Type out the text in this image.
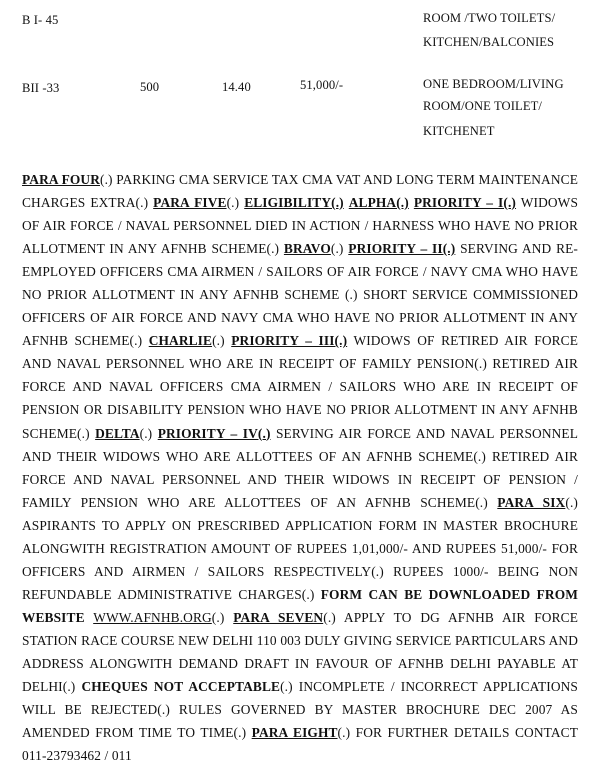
B I- 45	ROOM /TWO TOILETS/
KITCHEN/BALCONIES
BII -33	500	14.40	51,000/-	ONE BEDROOM/LIVING
ROOM/ONE TOILET/
KITCHENET
PARA FOUR(.) PARKING CMA SERVICE TAX CMA VAT AND LONG TERM MAINTENANCE CHARGES EXTRA(.) PARA FIVE(.) ELIGIBILITY(.) ALPHA(.) PRIORITY – I(.) WIDOWS OF AIR FORCE / NAVAL PERSONNEL DIED IN ACTION / HARNESS WHO HAVE NO PRIOR ALLOTMENT IN ANY AFNHB SCHEME(.) BRAVO(.) PRIORITY – II(.) SERVING AND RE-EMPLOYED OFFICERS CMA AIRMEN / SAILORS OF AIR FORCE / NAVY CMA WHO HAVE NO PRIOR ALLOTMENT IN ANY AFNHB SCHEME (.) SHORT SERVICE COMMISSIONED OFFICERS OF AIR FORCE AND NAVY CMA WHO HAVE NO PRIOR ALLOTMENT IN ANY AFNHB SCHEME(.) CHARLIE(.) PRIORITY – III(.) WIDOWS OF RETIRED AIR FORCE AND NAVAL PERSONNEL WHO ARE IN RECEIPT OF FAMILY PENSION(.) RETIRED AIR FORCE AND NAVAL OFFICERS CMA AIRMEN / SAILORS WHO ARE IN RECEIPT OF PENSION OR DISABILITY PENSION WHO HAVE NO PRIOR ALLOTMENT IN ANY AFNHB SCHEME(.) DELTA(.) PRIORITY – IV(.) SERVING AIR FORCE AND NAVAL PERSONNEL AND THEIR WIDOWS WHO ARE ALLOTTEES OF AN AFNHB SCHEME(.) RETIRED AIR FORCE AND NAVAL PERSONNEL AND THEIR WIDOWS IN RECEIPT OF PENSION / FAMILY PENSION WHO ARE ALLOTTEES OF AN AFNHB SCHEME(.) PARA SIX(.) ASPIRANTS TO APPLY ON PRESCRIBED APPLICATION FORM IN MASTER BROCHURE ALONGWITH REGISTRATION AMOUNT OF RUPEES 1,01,000/- AND RUPEES 51,000/- FOR OFFICERS AND AIRMEN / SAILORS RESPECTIVELY(.) RUPEES 1000/- BEING NON REFUNDABLE ADMINISTRATIVE CHARGES(.) FORM CAN BE DOWNLOADED FROM WEBSITE WWW.AFNHB.ORG(.) PARA SEVEN(.) APPLY TO DG AFNHB AIR FORCE STATION RACE COURSE NEW DELHI 110 003 DULY GIVING SERVICE PARTICULARS AND ADDRESS ALONGWITH DEMAND DRAFT IN FAVOUR OF AFNHB DELHI PAYABLE AT DELHI(.) CHEQUES NOT ACCEPTABLE(.) INCOMPLETE / INCORRECT APPLICATIONS WILL BE REJECTED(.) RULES GOVERNED BY MASTER BROCHURE DEC 2007 AS AMENDED FROM TIME TO TIME(.) PARA EIGHT(.) FOR FURTHER DETAILS CONTACT 011-23793462 / 011
